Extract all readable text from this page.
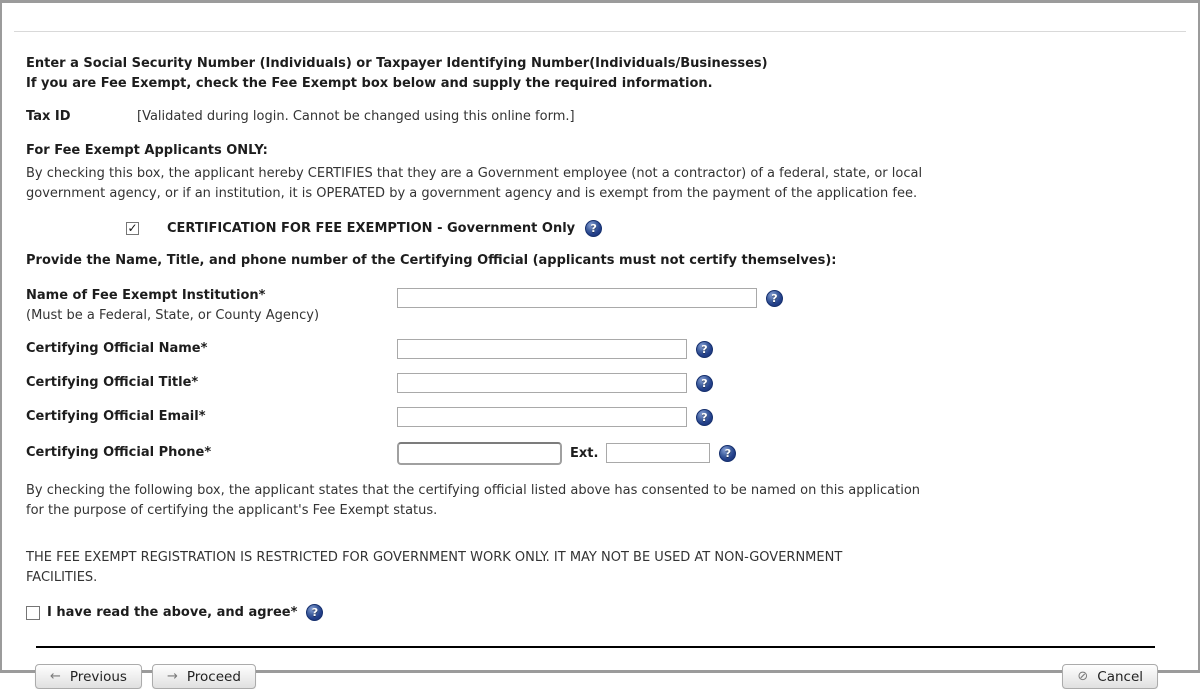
Enter a Social Security Number (Individuals) or Taxpayer Identifying Number(Individuals/Businesses)
If you are Fee Exempt, check the Fee Exempt box below and supply the required information.
Tax ID	[Validated during login. Cannot be changed using this online form.]
For Fee Exempt Applicants ONLY:
By checking this box, the applicant hereby CERTIFIES that they are a Government employee (not a contractor) of a federal, state, or local
government agency, or if an institution, it is OPERATED by a government agency and is exempt from the payment of the application fee.
✓ CERTIFICATION FOR FEE EXEMPTION - Government Only	?
Provide the Name, Title, and phone number of the Certifying Official (applicants must not certify themselves):
Name of Fee Exempt Institution*
(Must be a Federal, State, or County Agency)
?
Certifying Official Name*	?
Certifying Official Title*	?
Certifying Official Email*	?
Certifying Official Phone*	Ext.	?
By checking the following box, the applicant states that the certifying official listed above has consented to be named on this application
for the purpose of certifying the applicant's Fee Exempt status.
THE FEE EXEMPT REGISTRATION IS RESTRICTED FOR GOVERNMENT WORK ONLY. IT MAY NOT BE USED AT NON-GOVERNMENT
FACILITIES.
I have read the above, and agree*	?
← Previous	→ Proceed	⊘ Cancel
